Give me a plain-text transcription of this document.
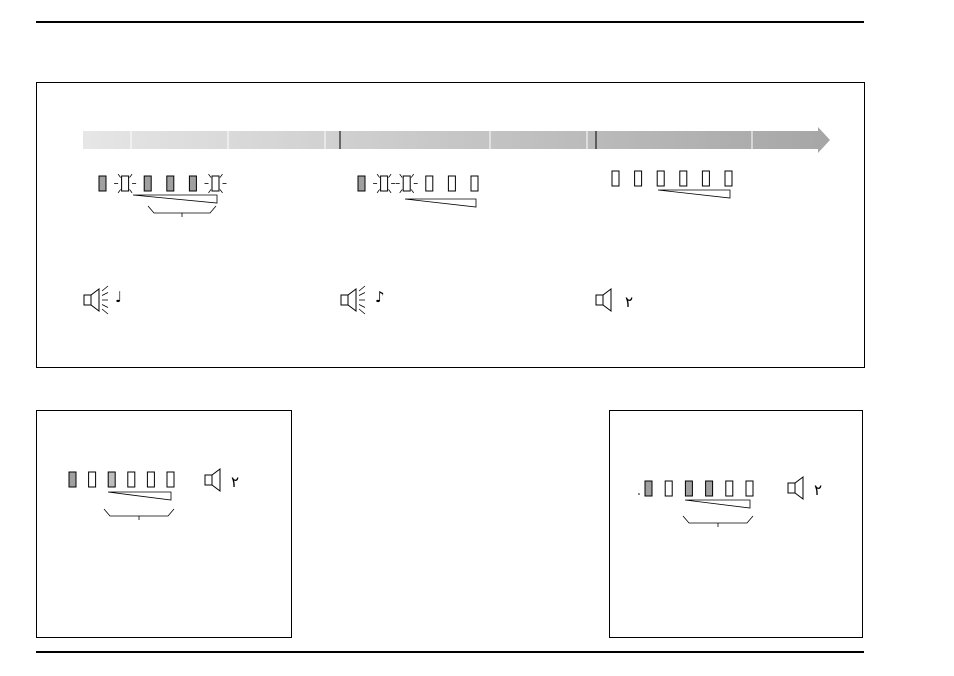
♩	♪	٢
٢	٢
